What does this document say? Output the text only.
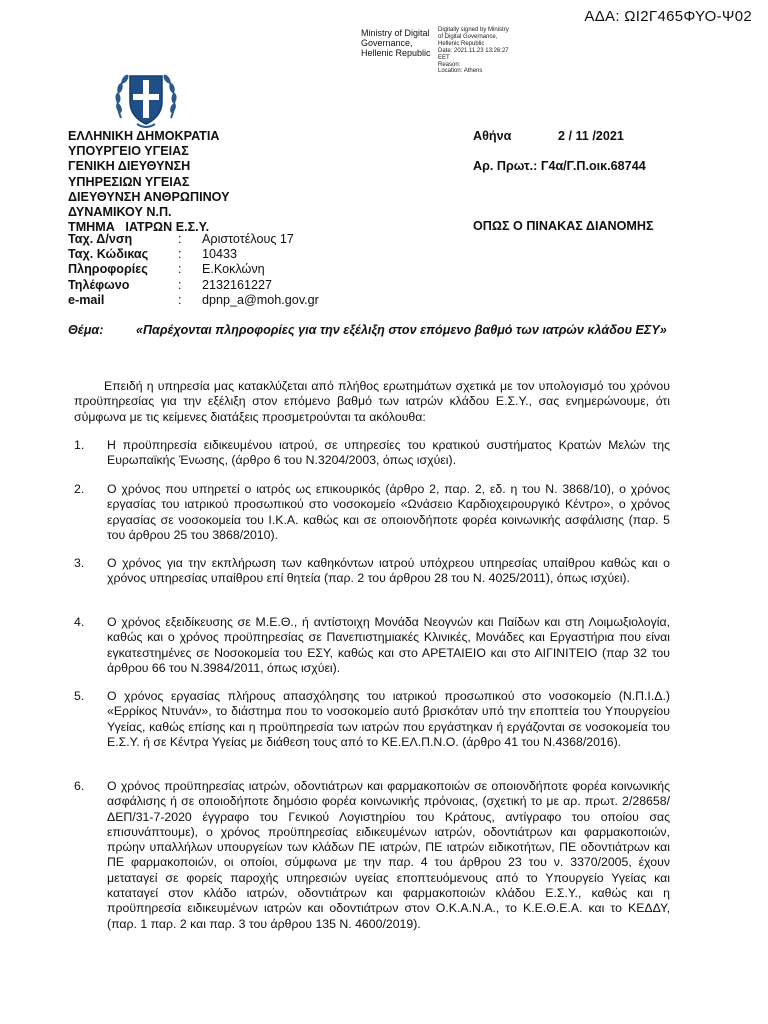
ΑΔΑ: ΩΙ2Γ465ΦΥΟ-Ψ02
Ministry of Digital
Governance,
Hellenic Republic
Digitally signed by Ministry
of Digital Governance,
Hellenic Republic
Date: 2021.11.23 13:26:27
EET
Reason:
Location: Athens
ΕΛΛΗΝΙΚΗ ΔΗΜΟΚΡΑΤΙΑ
ΥΠΟΥΡΓΕΙΟ ΥΓΕΙΑΣ
ΓΕΝΙΚΗ ΔΙΕΥΘΥΝΣΗ
ΥΠΗΡΕΣΙΩΝ ΥΓΕΙΑΣ
ΔΙΕΥΘΥΝΣΗ ΑΝΘΡΩΠΙΝΟΥ
ΔΥΝΑΜΙΚΟΥ Ν.Π.
ΤΜΗΜΑ   ΙΑΤΡΩΝ Ε.Σ.Υ.
Αθήνα	2 / 11 /2021
Αρ. Πρωτ.: Γ4α/Γ.Π.οικ.68744
ΟΠΩΣ Ο ΠΙΝΑΚΑΣ ΔΙΑΝΟΜΗΣ
Ταχ. Δ/νση	:	Αριστοτέλους 17
Ταχ. Κώδικας	:	10433
Πληροφορίες	:	Ε.Κοκλώνη
Τηλέφωνο	:	2132161227
e-mail	:	dpnp_a@moh.gov.gr
Θέμα:	«Παρέχονται πληροφορίες για την εξέλιξη στον επόμενο βαθμό των ιατρών κλάδου ΕΣΥ»
Επειδή η υπηρεσία μας κατακλύζεται από πλήθος ερωτημάτων σχετικά με τον υπολογισμό του χρόνου προϋπηρεσίας για την εξέλιξη στον επόμενο βαθμό των ιατρών κλάδου Ε.Σ.Υ., σας ενημερώνουμε, ότι σύμφωνα με τις κείμενες διατάξεις προσμετρούνται τα ακόλουθα:
1. Η προϋπηρεσία ειδικευμένου ιατρού, σε υπηρεσίες του κρατικού συστήματος Κρατών Μελών της Ευρωπαϊκής Ένωσης, (άρθρο 6 του Ν.3204/2003, όπως ισχύει).
2. Ο χρόνος που υπηρετεί ο ιατρός ως επικουρικός (άρθρο 2, παρ. 2, εδ. η του Ν. 3868/10), ο χρόνος εργασίας του ιατρικού προσωπικού στο νοσοκομείο «Ωνάσειο Καρδιοχειρουργικό Κέντρο», ο χρόνος εργασίας σε νοσοκομεία του Ι.Κ.Α. καθώς και σε οποιονδήποτε φορέα κοινωνικής ασφάλισης (παρ. 5 του άρθρου 25 του 3868/2010).
3. Ο χρόνος για την εκπλήρωση των καθηκόντων ιατρού υπόχρεου υπηρεσίας υπαίθρου καθώς και ο χρόνος υπηρεσίας υπαίθρου επί θητεία (παρ. 2 του άρθρου 28 του Ν. 4025/2011), όπως ισχύει).
4. Ο χρόνος εξειδίκευσης σε Μ.Ε.Θ., ή αντίστοιχη Μονάδα Νεογνών και Παίδων και στη Λοιμωξιολογία, καθώς και ο χρόνος προϋπηρεσίας σε Πανεπιστημιακές Κλινικές, Μονάδες και Εργαστήρια που είναι εγκατεστημένες σε Νοσοκομεία του ΕΣΥ, καθώς και στο ΑΡΕΤΑΙΕΙΟ και στο ΑΙΓΙΝΙΤΕΙΟ (παρ 32 του άρθρου 66 του Ν.3984/2011, όπως ισχύει).
5. Ο χρόνος εργασίας πλήρους απασχόλησης του ιατρικού προσωπικού στο νοσοκομείο (Ν.Π.Ι.Δ.) «Ερρίκος Ντυνάν», το διάστημα που το νοσοκομείο αυτό βρισκόταν υπό την εποπτεία του Υπουργείου Υγείας, καθώς επίσης και η προϋπηρεσία των ιατρών που εργάστηκαν ή εργάζονται σε νοσοκομεία του Ε.Σ.Υ. ή σε Κέντρα Υγείας με διάθεση τους από το ΚΕ.ΕΛ.Π.Ν.Ο. (άρθρο 41 του Ν.4368/2016).
6. Ο χρόνος προϋπηρεσίας ιατρών, οδοντιάτρων και φαρμακοποιών σε οποιονδήποτε φορέα κοινωνικής ασφάλισης ή σε οποιοδήποτε δημόσιο φορέα κοινωνικής πρόνοιας, (σχετική το με αρ. πρωτ. 2/28658/ΔΕΠ/31-7-2020 έγγραφο του Γενικού Λογιστηρίου του Κράτους, αντίγραφο του οποίου σας επισυνάπτουμε), ο χρόνος προϋπηρεσίας ειδικευμένων ιατρών, οδοντιάτρων και φαρμακοποιών, πρώην υπαλλήλων υπουργείων των κλάδων ΠΕ ιατρών, ΠΕ ιατρών ειδικοτήτων, ΠΕ οδοντιάτρων και ΠΕ φαρμακοποιών, οι οποίοι, σύμφωνα με την παρ. 4 του άρθρου 23 του ν. 3370/2005, έχουν μεταταγεί σε φορείς παροχής υπηρεσιών υγείας εποπτευόμενους από το Υπουργείο Υγείας και καταταγεί στον κλάδο ιατρών, οδοντιάτρων και φαρμακοποιών κλάδου Ε.Σ.Υ., καθώς και η προϋπηρεσία ειδικευμένων ιατρών και οδοντιάτρων στον Ο.Κ.Α.Ν.Α., το Κ.Ε.Θ.Ε.Α. και το ΚΕΔΔΥ, (παρ. 1 παρ. 2 και παρ. 3 του άρθρου 135 Ν. 4600/2019).
